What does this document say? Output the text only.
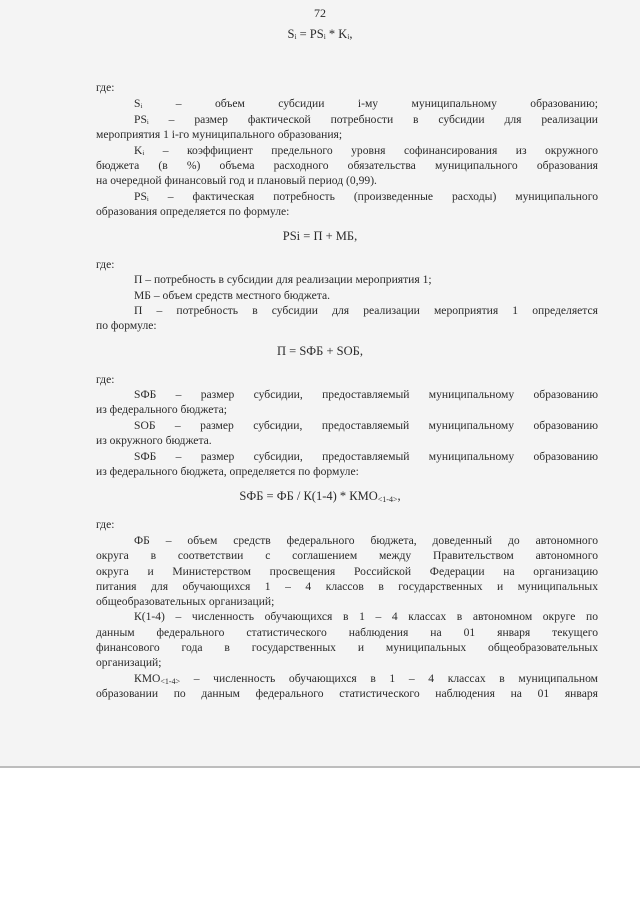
72
Sᵢ = PSᵢ * Kᵢ,
где:
Sᵢ – объем субсидии i-му муниципальному образованию;
PSᵢ – размер фактической потребности в субсидии для реализации
мероприятия 1 i-го муниципального образования;
Kᵢ – коэффициент предельного уровня софинансирования из окружного
бюджета (в %) объема расходного обязательства муниципального образования
на очередной финансовый год и плановый период (0,99).
PSᵢ – фактическая потребность (произведенные расходы) муниципального
образования определяется по формуле:
PSi = П + МБ,
где:
П – потребность в субсидии для реализации мероприятия 1;
МБ – объем средств местного бюджета.
П – потребность в субсидии для реализации мероприятия 1 определяется
по формуле:
П = SФБ + SОБ,
где:
SФБ – размер субсидии, предоставляемый муниципальному образованию
из федерального бюджета;
SОБ – размер субсидии, предоставляемый муниципальному образованию
из окружного бюджета.
SФБ – размер субсидии, предоставляемый муниципальному образованию
из федерального бюджета, определяется по формуле:
SФБ = ФБ / $К(1-4) * КМО_{<1-4>}$,
где:
ФБ – объем средств федерального бюджета, доведенный до автономного
округа в соответствии с соглашением между Правительством автономного
округа и Министерством просвещения Российской Федерации на организацию
питания для обучающихся 1 – 4 классов в государственных и муниципальных
общеобразовательных организаций;
К(1-4) – численность обучающихся в 1 – 4 классах в автономном округе по
данным федерального статистического наблюдения на 01 января текущего
финансового года в государственных и муниципальных общеобразовательных
организаций;
$КМО_{<1-4>}$ – численность обучающихся в 1 – 4 классах в муниципальном
образовании по данным федерального статистического наблюдения на 01 января
